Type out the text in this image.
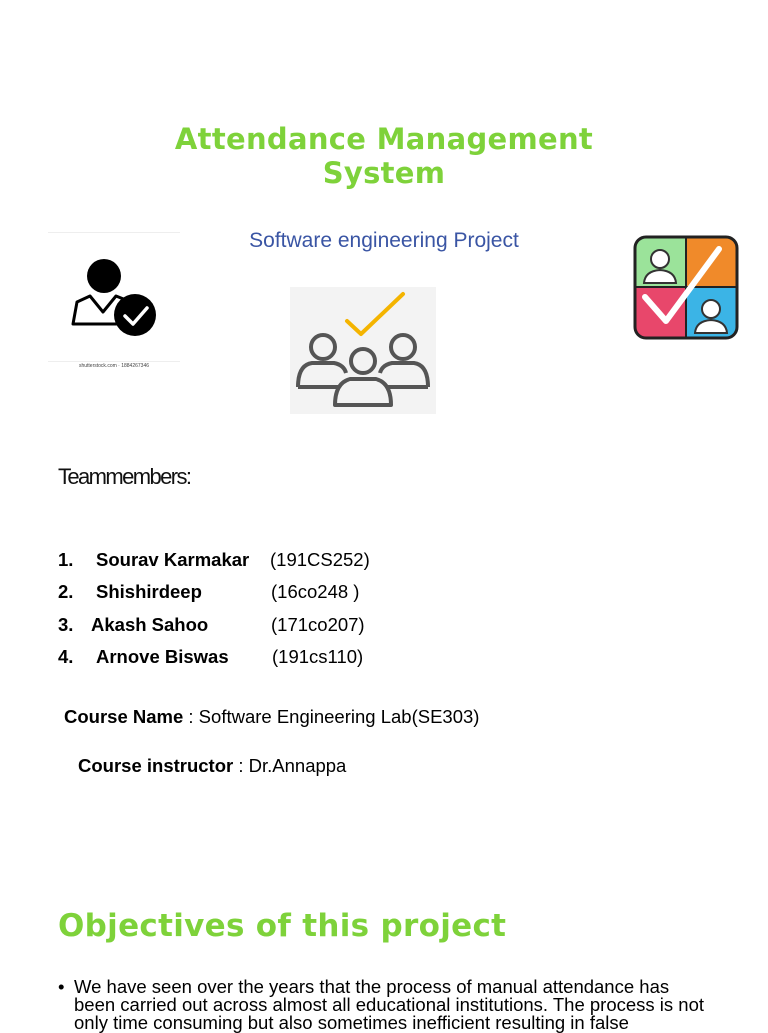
Attendance Management
System
Software engineering Project
shutterstock.com · 1884267346
Teammembers:
1. Sourav Karmakar (191CS252)
2. Shishirdeep	(16co248 )
3. Akash Sahoo	(171co207)
4. Arnove Biswas (191cs110)
Course Name : Software Engineering Lab(SE303)
Course instructor : Dr.Annappa
Objectives of this project
• We have seen over the years that the process of manual attendance has been carried out across almost all educational institutions. The process is not only time consuming but also sometimes inefficient resulting in false
